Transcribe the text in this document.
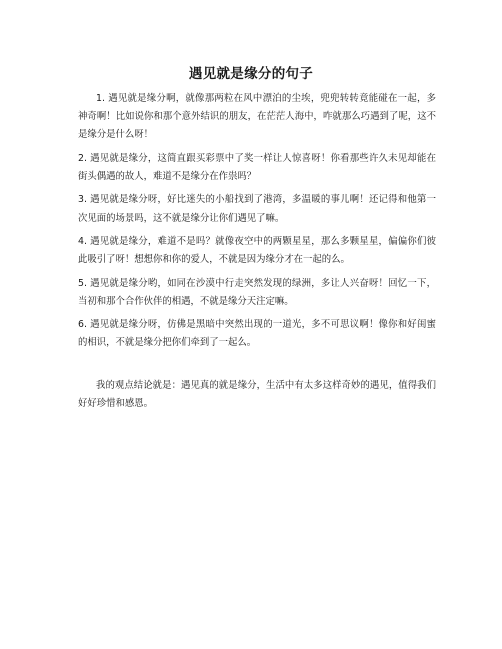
遇见就是缘分的句子

1. 遇见就是缘分啊，就像那两粒在风中漂泊的尘埃，兜兜转转竟能碰在一起，多神奇啊！比如说你和那个意外结识的朋友，在茫茫人海中，咋就那么巧遇到了呢，这不是缘分是什么呀！

2. 遇见就是缘分，这简直跟买彩票中了奖一样让人惊喜呀！你看那些许久未见却能在街头偶遇的故人，难道不是缘分在作祟吗？

3. 遇见就是缘分呀，好比迷失的小船找到了港湾，多温暖的事儿啊！还记得和他第一次见面的场景吗，这不就是缘分让你们遇见了嘛。

4. 遇见就是缘分，难道不是吗？就像夜空中的两颗星星，那么多颗星星，偏偏你们彼此吸引了呀！想想你和你的爱人，不就是因为缘分才在一起的么。

5. 遇见就是缘分哟，如同在沙漠中行走突然发现的绿洲，多让人兴奋呀！回忆一下，当初和那个合作伙伴的相遇，不就是缘分天注定嘛。

6. 遇见就是缘分呀，仿佛是黑暗中突然出现的一道光，多不可思议啊！像你和好闺蜜的相识，不就是缘分把你们牵到了一起么。

我的观点结论就是：遇见真的就是缘分，生活中有太多这样奇妙的遇见，值得我们好好珍惜和感恩。
